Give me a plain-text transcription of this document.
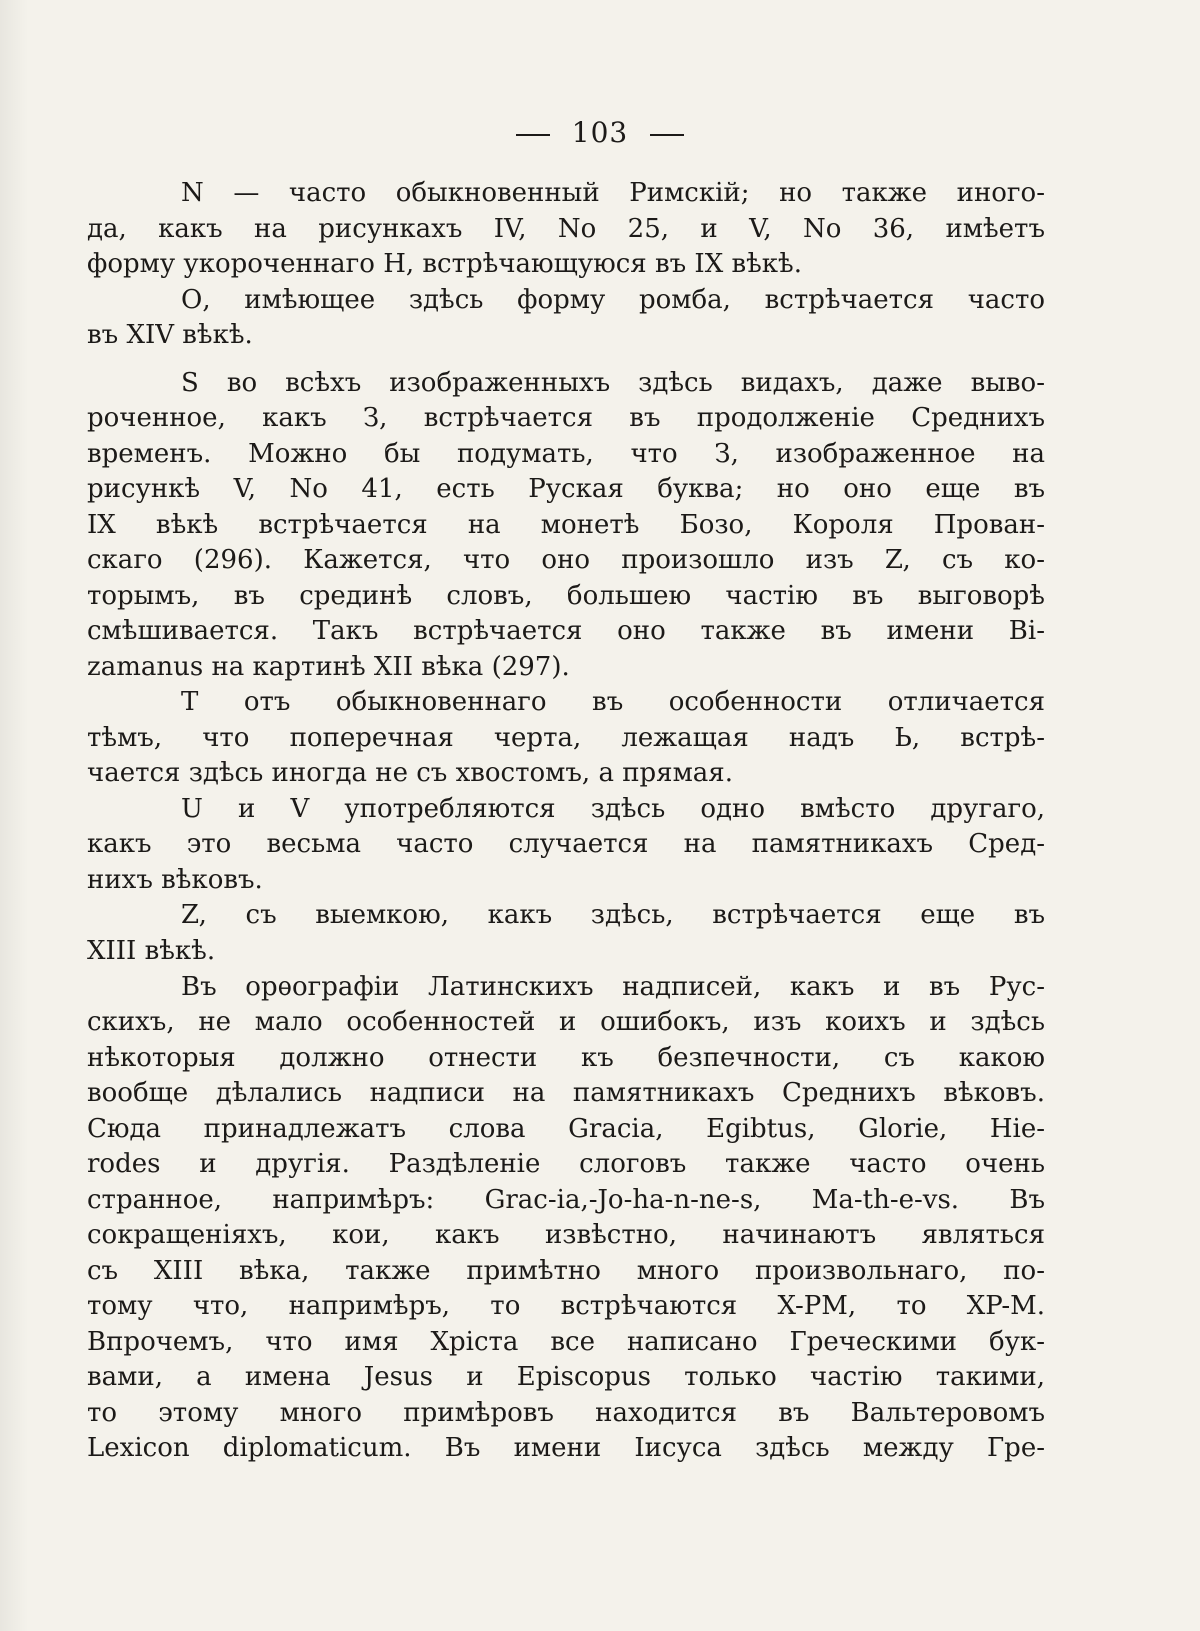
103
N — часто обыкновенный Римскій; но также иного-
да, какъ на рисункахъ IV, No 25, и V, No 36, имѣетъ
форму укороченнаго Н, встрѣчающуюся въ IX вѣкѣ.
О, имѣющее здѣсь форму ромба, встрѣчается часто
въ XIV вѣкѣ.
S во всѣхъ изображенныхъ здѣсь видахъ, даже выво-
роченное, какъ З, встрѣчается въ продолженіе Среднихъ
временъ. Можно бы подумать, что З, изображенное на
рисункѣ V, No 41, есть Руская буква; но оно еще въ
IX вѣкѣ встрѣчается на монетѣ Бозо, Короля Прован-
скаго (296). Кажется, что оно произошло изъ Z, съ ко-
торымъ, въ срединѣ словъ, большею частію въ выговорѣ
смѣшивается. Такъ встрѣчается оно также въ имени Bi-
zamanus на картинѣ XII вѣка (297).
Т отъ обыкновеннаго въ особенности отличается
тѣмъ, что поперечная черта, лежащая надъ Ь, встрѣ-
чается здѣсь иногда не съ хвостомъ, а прямая.
U и V употребляются здѣсь одно вмѣсто другаго,
какъ это весьма часто случается на памятникахъ Сред-
нихъ вѣковъ.
Z, съ выемкою, какъ здѣсь, встрѣчается еще въ
XIII вѣкѣ.
Въ орѳографіи Латинскихъ надписей, какъ и въ Рус-
скихъ, не мало особенностей и ошибокъ, изъ коихъ и здѣсь
нѣкоторыя должно отнести къ безпечности, съ какою
вообще дѣлались надписи на памятникахъ Среднихъ вѣковъ.
Сюда принадлежатъ слова Gracia, Egibtus, Glorie, Hie-
rodes и другія. Раздѣленіе слоговъ также часто очень
странное, напримѣръ: Grac-ia,-Jo-ha-n-ne-s, Ma-th-e-vs. Въ
сокращеніяхъ, кои, какъ извѣстно, начинаютъ являться
съ XIII вѣка, также примѣтно много произвольнаго, по-
тому что, напримѣръ, то встрѣчаются X-PM, то XP-M.
Впрочемъ, что имя Хріста все написано Греческими бук-
вами, а имена Jesus и Episcopus только частію такими,
то этому много примѣровъ находится въ Вальтеровомъ
Lexicon diplomaticum. Въ имени Іисуса здѣсь между Гре-
